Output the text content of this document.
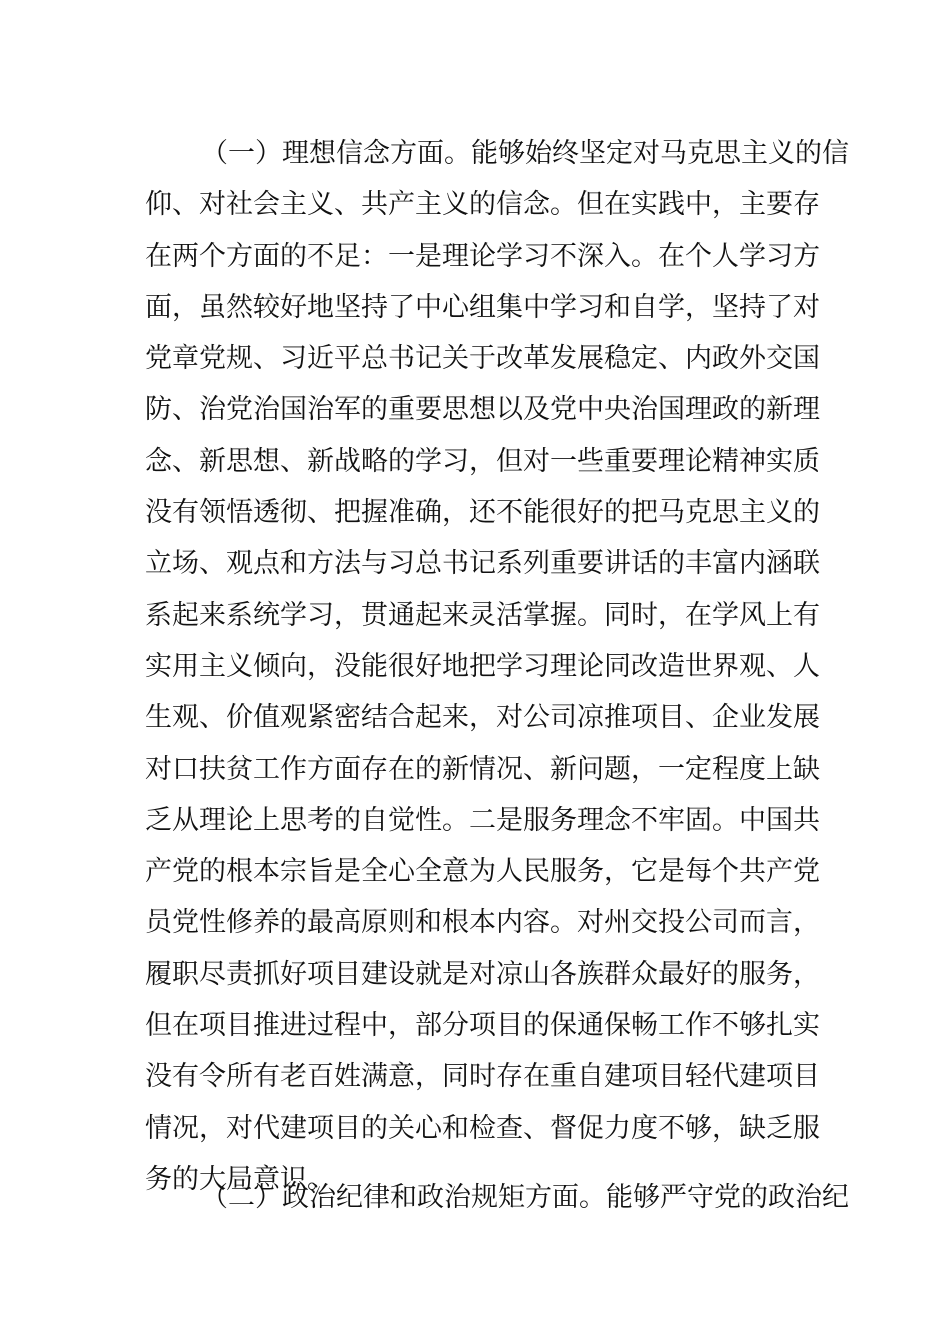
（一）理想信念方面。能够始终坚定对马克思主义的信
仰、对社会主义、共产主义的信念。但在实践中，主要存
在两个方面的不足：一是理论学习不深入。在个人学习方
面，虽然较好地坚持了中心组集中学习和自学，坚持了对
党章党规、习近平总书记关于改革发展稳定、内政外交国
防、治党治国治军的重要思想以及党中央治国理政的新理
念、新思想、新战略的学习，但对一些重要理论精神实质
没有领悟透彻、把握准确，还不能很好的把马克思主义的
立场、观点和方法与习总书记系列重要讲话的丰富内涵联
系起来系统学习，贯通起来灵活掌握。同时，在学风上有
实用主义倾向，没能很好地把学习理论同改造世界观、人
生观、价值观紧密结合起来，对公司凉推项目、企业发展
对口扶贫工作方面存在的新情况、新问题，一定程度上缺
乏从理论上思考的自觉性。二是服务理念不牢固。中国共
产党的根本宗旨是全心全意为人民服务，它是每个共产党
员党性修养的最高原则和根本内容。对州交投公司而言，
履职尽责抓好项目建设就是对凉山各族群众最好的服务，
但在项目推进过程中，部分项目的保通保畅工作不够扎实
没有令所有老百姓满意，同时存在重自建项目轻代建项目
情况，对代建项目的关心和检查、督促力度不够，缺乏服
务的大局意识。
（二）政治纪律和政治规矩方面。能够严守党的政治纪
